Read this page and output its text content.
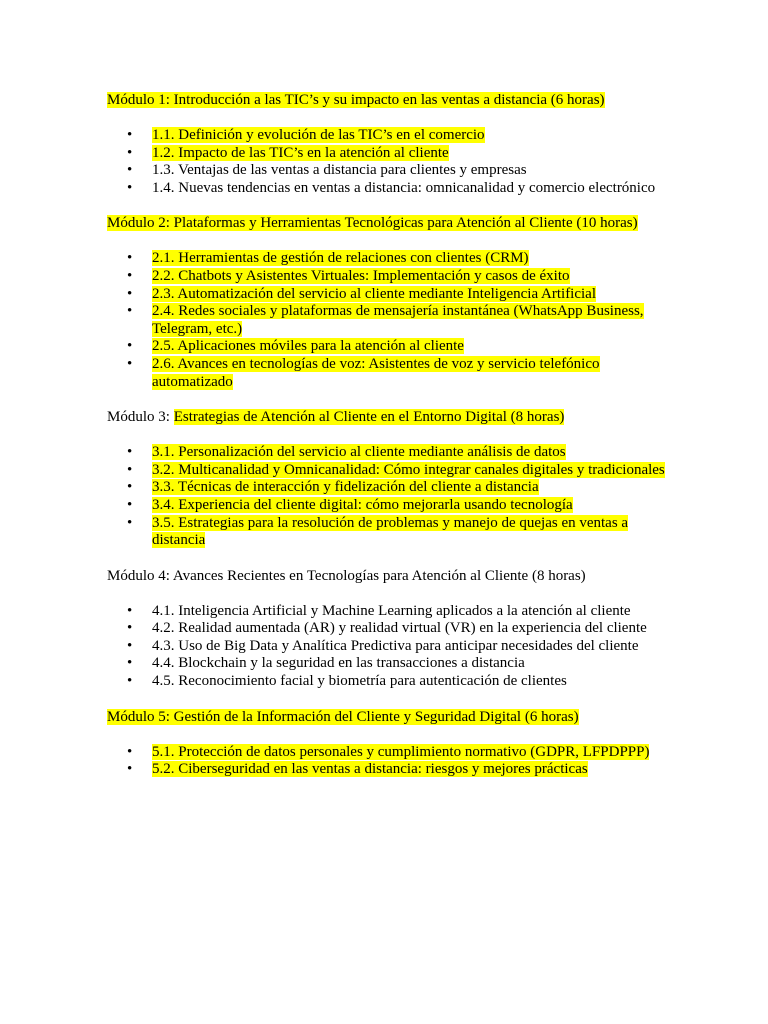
Módulo 1: Introducción a las TIC’s y su impacto en las ventas a distancia (6 horas)

• 1.1. Definición y evolución de las TIC’s en el comercio
• 1.2. Impacto de las TIC’s en la atención al cliente
• 1.3. Ventajas de las ventas a distancia para clientes y empresas
• 1.4. Nuevas tendencias en ventas a distancia: omnicanalidad y comercio electrónico

Módulo 2: Plataformas y Herramientas Tecnológicas para Atención al Cliente (10 horas)

• 2.1. Herramientas de gestión de relaciones con clientes (CRM)
• 2.2. Chatbots y Asistentes Virtuales: Implementación y casos de éxito
• 2.3. Automatización del servicio al cliente mediante Inteligencia Artificial
• 2.4. Redes sociales y plataformas de mensajería instantánea (WhatsApp Business, Telegram, etc.)
• 2.5. Aplicaciones móviles para la atención al cliente
• 2.6. Avances en tecnologías de voz: Asistentes de voz y servicio telefónico automatizado

Módulo 3: Estrategias de Atención al Cliente en el Entorno Digital (8 horas)

• 3.1. Personalización del servicio al cliente mediante análisis de datos
• 3.2. Multicanalidad y Omnicanalidad: Cómo integrar canales digitales y tradicionales
• 3.3. Técnicas de interacción y fidelización del cliente a distancia
• 3.4. Experiencia del cliente digital: cómo mejorarla usando tecnología
• 3.5. Estrategias para la resolución de problemas y manejo de quejas en ventas a distancia

Módulo 4: Avances Recientes en Tecnologías para Atención al Cliente (8 horas)

• 4.1. Inteligencia Artificial y Machine Learning aplicados a la atención al cliente
• 4.2. Realidad aumentada (AR) y realidad virtual (VR) en la experiencia del cliente
• 4.3. Uso de Big Data y Analítica Predictiva para anticipar necesidades del cliente
• 4.4. Blockchain y la seguridad en las transacciones a distancia
• 4.5. Reconocimiento facial y biometría para autenticación de clientes

Módulo 5: Gestión de la Información del Cliente y Seguridad Digital (6 horas)

• 5.1. Protección de datos personales y cumplimiento normativo (GDPR, LFPDPPP)
• 5.2. Ciberseguridad en las ventas a distancia: riesgos y mejores prácticas
